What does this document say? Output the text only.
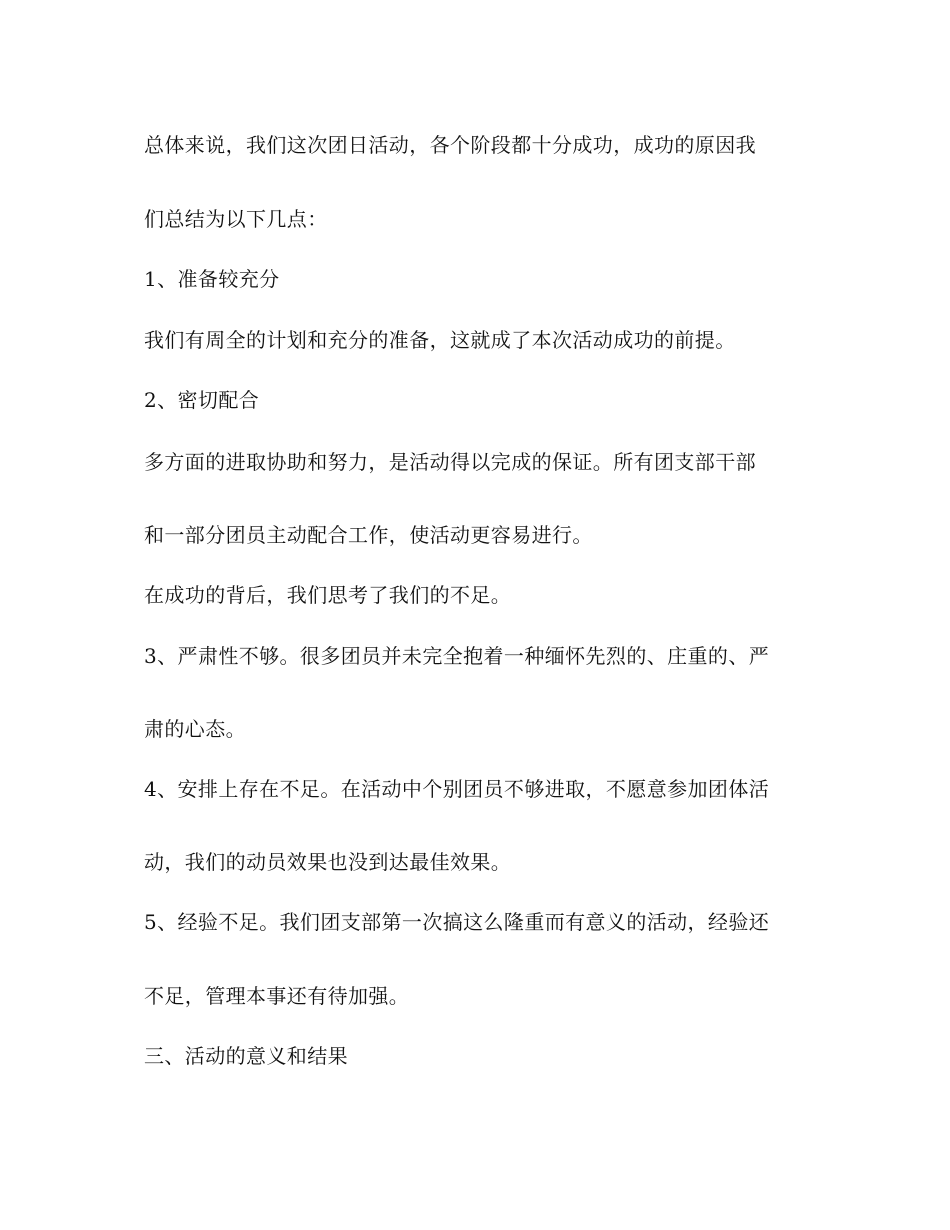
总体来说，我们这次团日活动，各个阶段都十分成功，成功的原因我
们总结为以下几点：
1、准备较充分
我们有周全的计划和充分的准备，这就成了本次活动成功的前提。
2、密切配合
多方面的进取协助和努力，是活动得以完成的保证。所有团支部干部
和一部分团员主动配合工作，使活动更容易进行。
在成功的背后，我们思考了我们的不足。
3、严肃性不够。很多团员并未完全抱着一种缅怀先烈的、庄重的、严
肃的心态。
4、安排上存在不足。在活动中个别团员不够进取，不愿意参加团体活
动，我们的动员效果也没到达最佳效果。
5、经验不足。我们团支部第一次搞这么隆重而有意义的活动，经验还
不足，管理本事还有待加强。
三、活动的意义和结果
